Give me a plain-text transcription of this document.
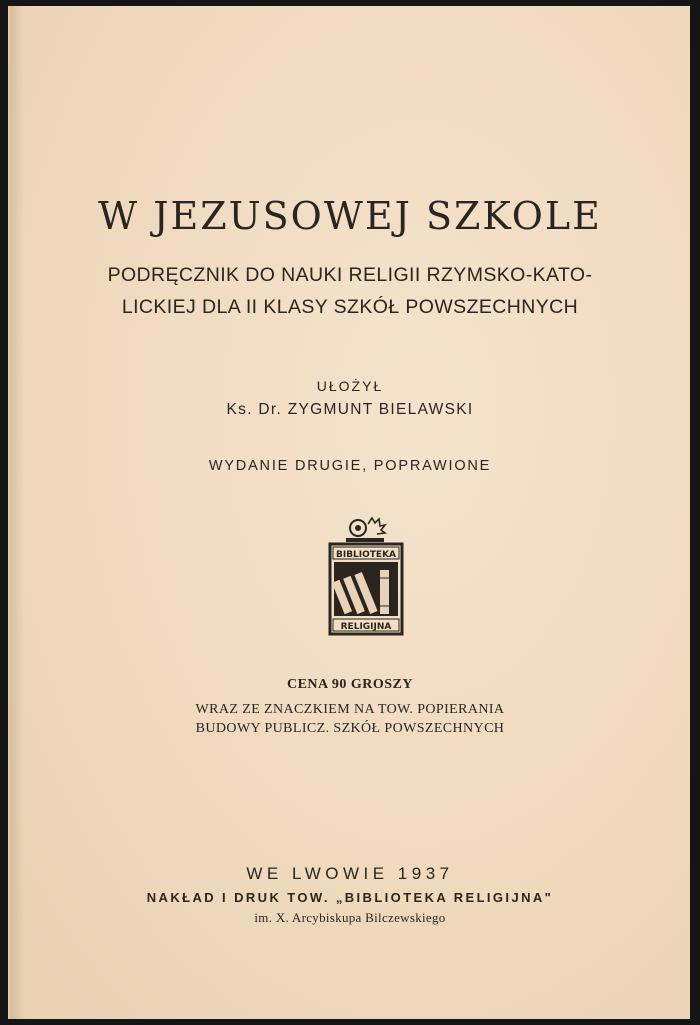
W JEZUSOWEJ SZKOLE
PODRĘCZNIK DO NAUKI RELIGII RZYMSKO-KATO-
LICKIEJ DLA II KLASY SZKÓŁ POWSZECHNYCH
UŁOŻYŁ
Ks. Dr. ZYGMUNT BIELAWSKI
WYDANIE DRUGIE, POPRAWIONE
BIBLIOTEKA
RELIGIJNA
CENA 90 GROSZY
WRAZ ZE ZNACZKIEM NA TOW. POPIERANIA
BUDOWY PUBLICZ. SZKÓŁ POWSZECHNYCH
WE LWOWIE 1937
NAKŁAD I DRUK TOW. „BIBLIOTEKA RELIGIJNA"
im. X. Arcybiskupa Bilczewskiego
